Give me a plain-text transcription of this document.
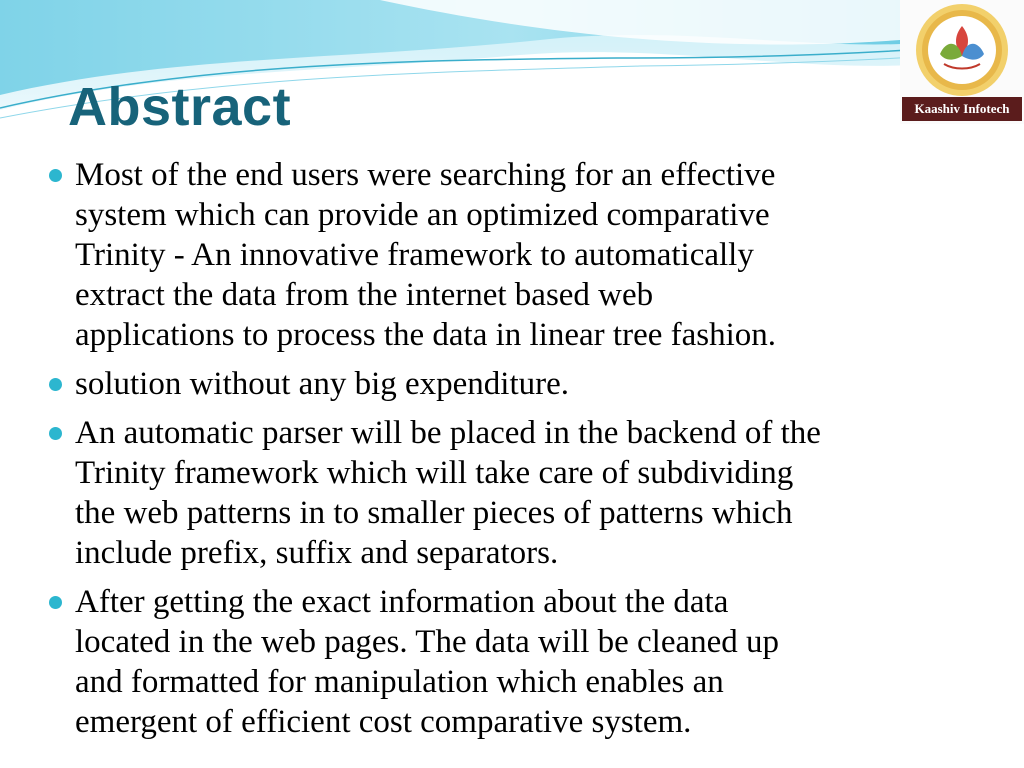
Abstract	Kaashiv Infotech
Most of the end users were searching for an effective
system which can provide an optimized comparative
Trinity - An innovative framework to automatically
extract the data from the internet based web
applications to process the data in linear tree fashion.
solution without any big expenditure.
An automatic parser will be placed in the backend of the
Trinity framework which will take care of subdividing
the web patterns in to smaller pieces of patterns which
include prefix, suffix and separators.
After getting the exact information about the data
located in the web pages. The data will be cleaned up
and formatted for manipulation which enables an
emergent of efficient cost comparative system.
